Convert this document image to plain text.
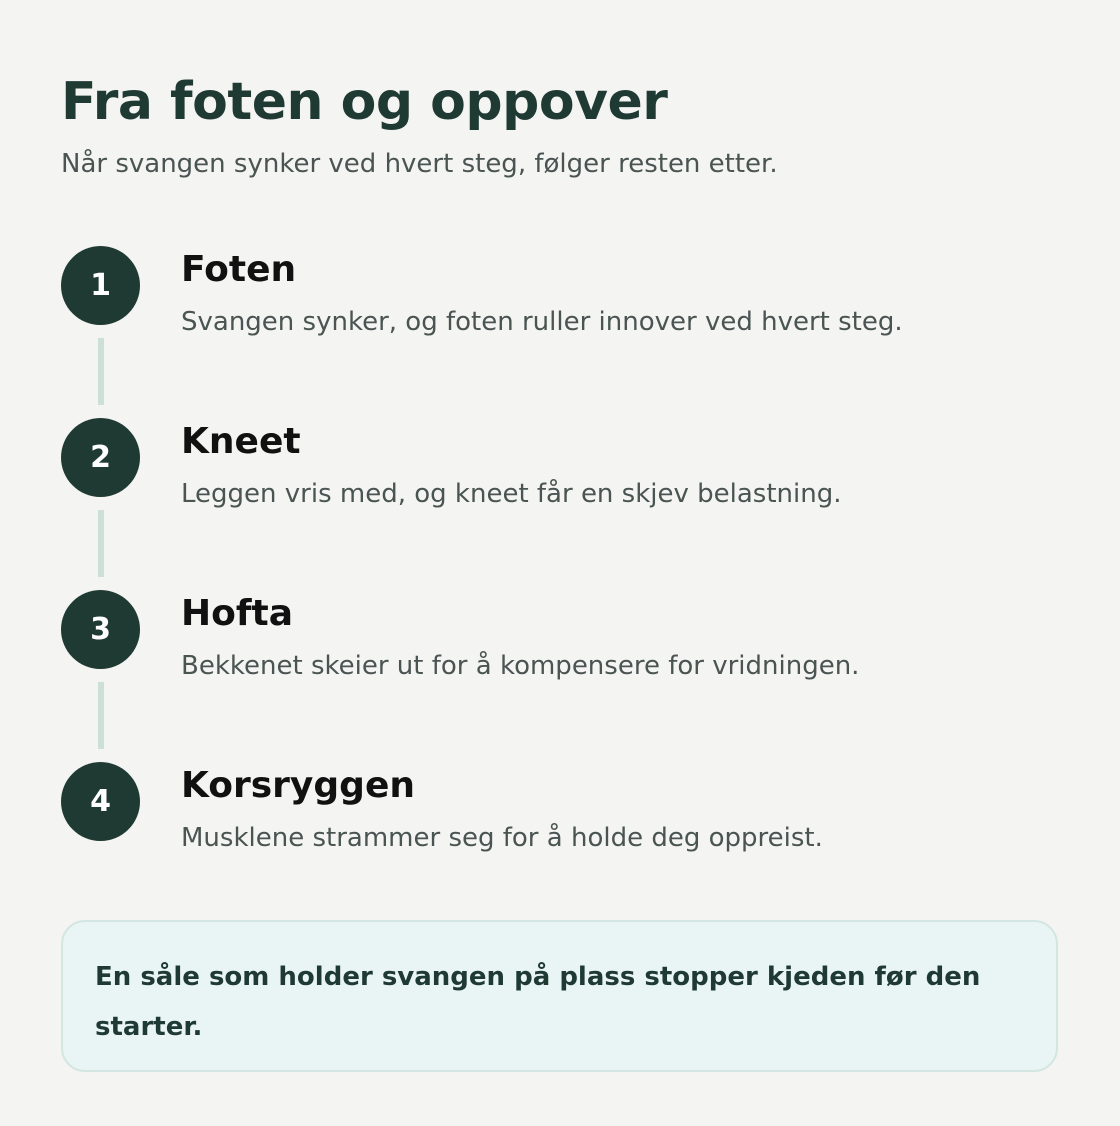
Fra foten og oppover

Når svangen synker ved hvert steg, følger resten etter.

1	Foten

Svangen synker, og foten ruller innover ved hvert steg.

2	Kneet

Leggen vris med, og kneet får en skjev belastning.

3	Hofta

Bekkenet skeier ut for å kompensere for vridningen.

4	Korsryggen

Musklene strammer seg for å holde deg oppreist.

En såle som holder svangen på plass stopper kjeden før den starter.
